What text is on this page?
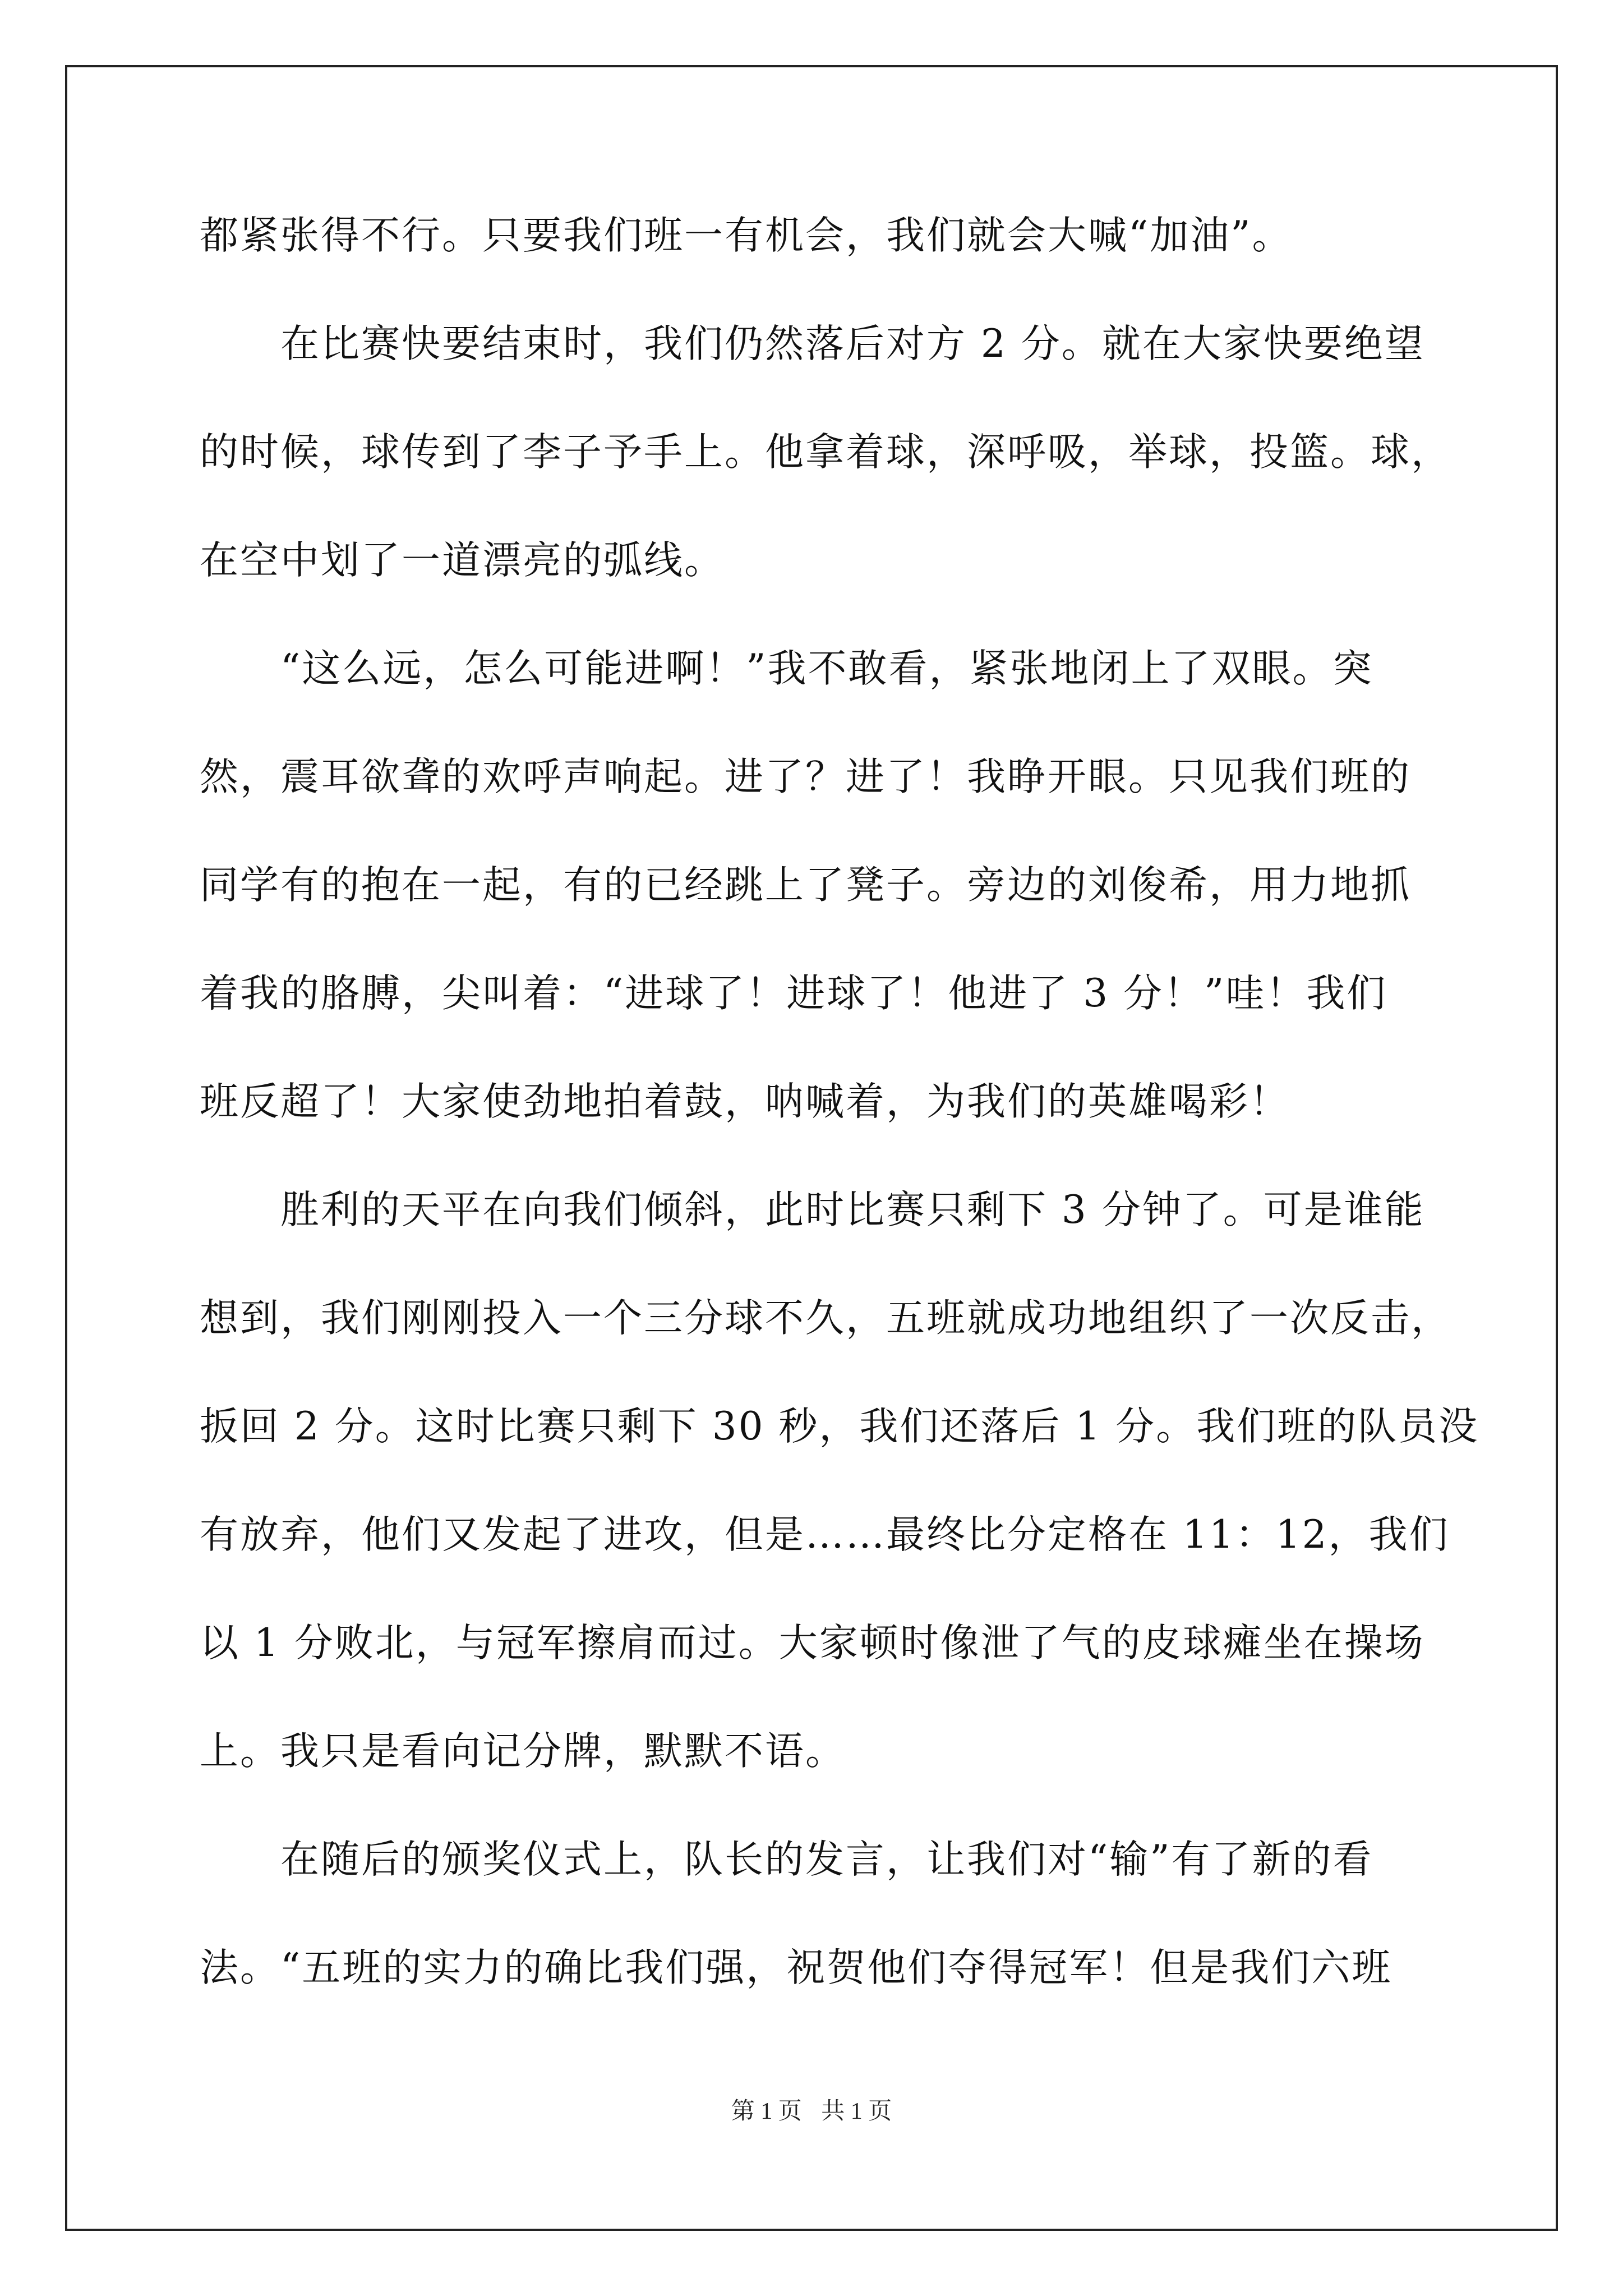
都紧张得不行。只要我们班一有机会，我们就会大喊“加油”。
　　在比赛快要结束时，我们仍然落后对方 2 分。就在大家快要绝望
的时候，球传到了李子予手上。他拿着球，深呼吸，举球，投篮。球，
在空中划了一道漂亮的弧线。
　　“这么远，怎么可能进啊！”我不敢看，紧张地闭上了双眼。突
然，震耳欲聋的欢呼声响起。进了？进了！我睁开眼。只见我们班的
同学有的抱在一起，有的已经跳上了凳子。旁边的刘俊希，用力地抓
着我的胳膊，尖叫着：“进球了！进球了！他进了 3 分！”哇！我们
班反超了！大家使劲地拍着鼓，呐喊着，为我们的英雄喝彩！
　　胜利的天平在向我们倾斜，此时比赛只剩下 3 分钟了。可是谁能
想到，我们刚刚投入一个三分球不久，五班就成功地组织了一次反击，
扳回 2 分。这时比赛只剩下 30 秒，我们还落后 1 分。我们班的队员没
有放弃，他们又发起了进攻，但是……最终比分定格在 11：12，我们
以 1 分败北，与冠军擦肩而过。大家顿时像泄了气的皮球瘫坐在操场
上。我只是看向记分牌，默默不语。
　　在随后的颁奖仪式上，队长的发言，让我们对“输”有了新的看
法。“五班的实力的确比我们强，祝贺他们夺得冠军！但是我们六班
第 1 页 共 1 页
